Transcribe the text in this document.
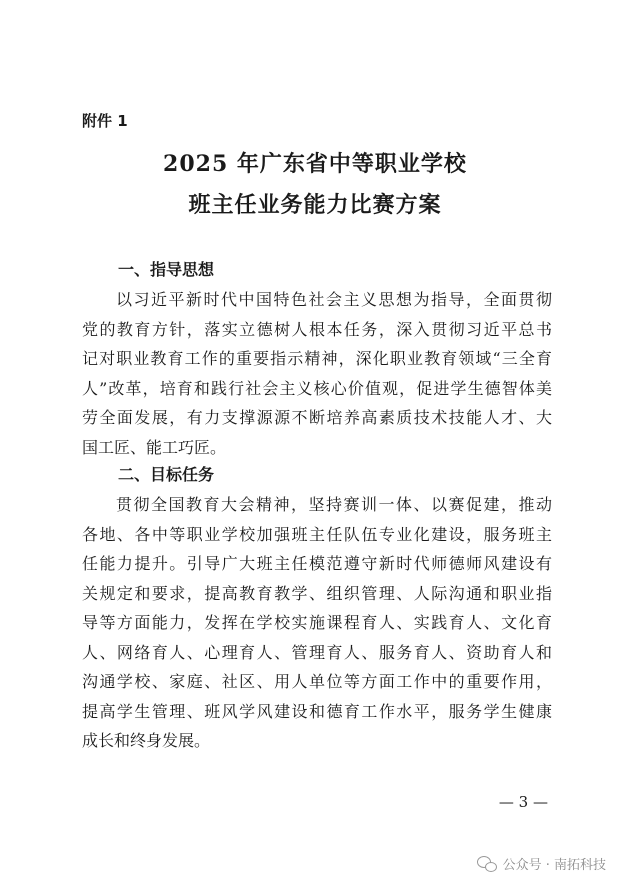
附件 1
2025 年广东省中等职业学校
班主任业务能力比赛方案
一、指导思想
以习近平新时代中国特色社会主义思想为指导，全面贯彻
党的教育方针，落实立德树人根本任务，深入贯彻习近平总书
记对职业教育工作的重要指示精神，深化职业教育领域“三全育
人”改革，培育和践行社会主义核心价值观，促进学生德智体美
劳全面发展，有力支撑源源不断培养高素质技术技能人才、大
国工匠、能工巧匠。
二、目标任务
贯彻全国教育大会精神，坚持赛训一体、以赛促建，推动
各地、各中等职业学校加强班主任队伍专业化建设，服务班主
任能力提升。引导广大班主任模范遵守新时代师德师风建设有
关规定和要求，提高教育教学、组织管理、人际沟通和职业指
导等方面能力，发挥在学校实施课程育人、实践育人、文化育
人、网络育人、心理育人、管理育人、服务育人、资助育人和
沟通学校、家庭、社区、用人单位等方面工作中的重要作用，
提高学生管理、班风学风建设和德育工作水平，服务学生健康
成长和终身发展。
— 3 —
公众号 · 南拓科技
